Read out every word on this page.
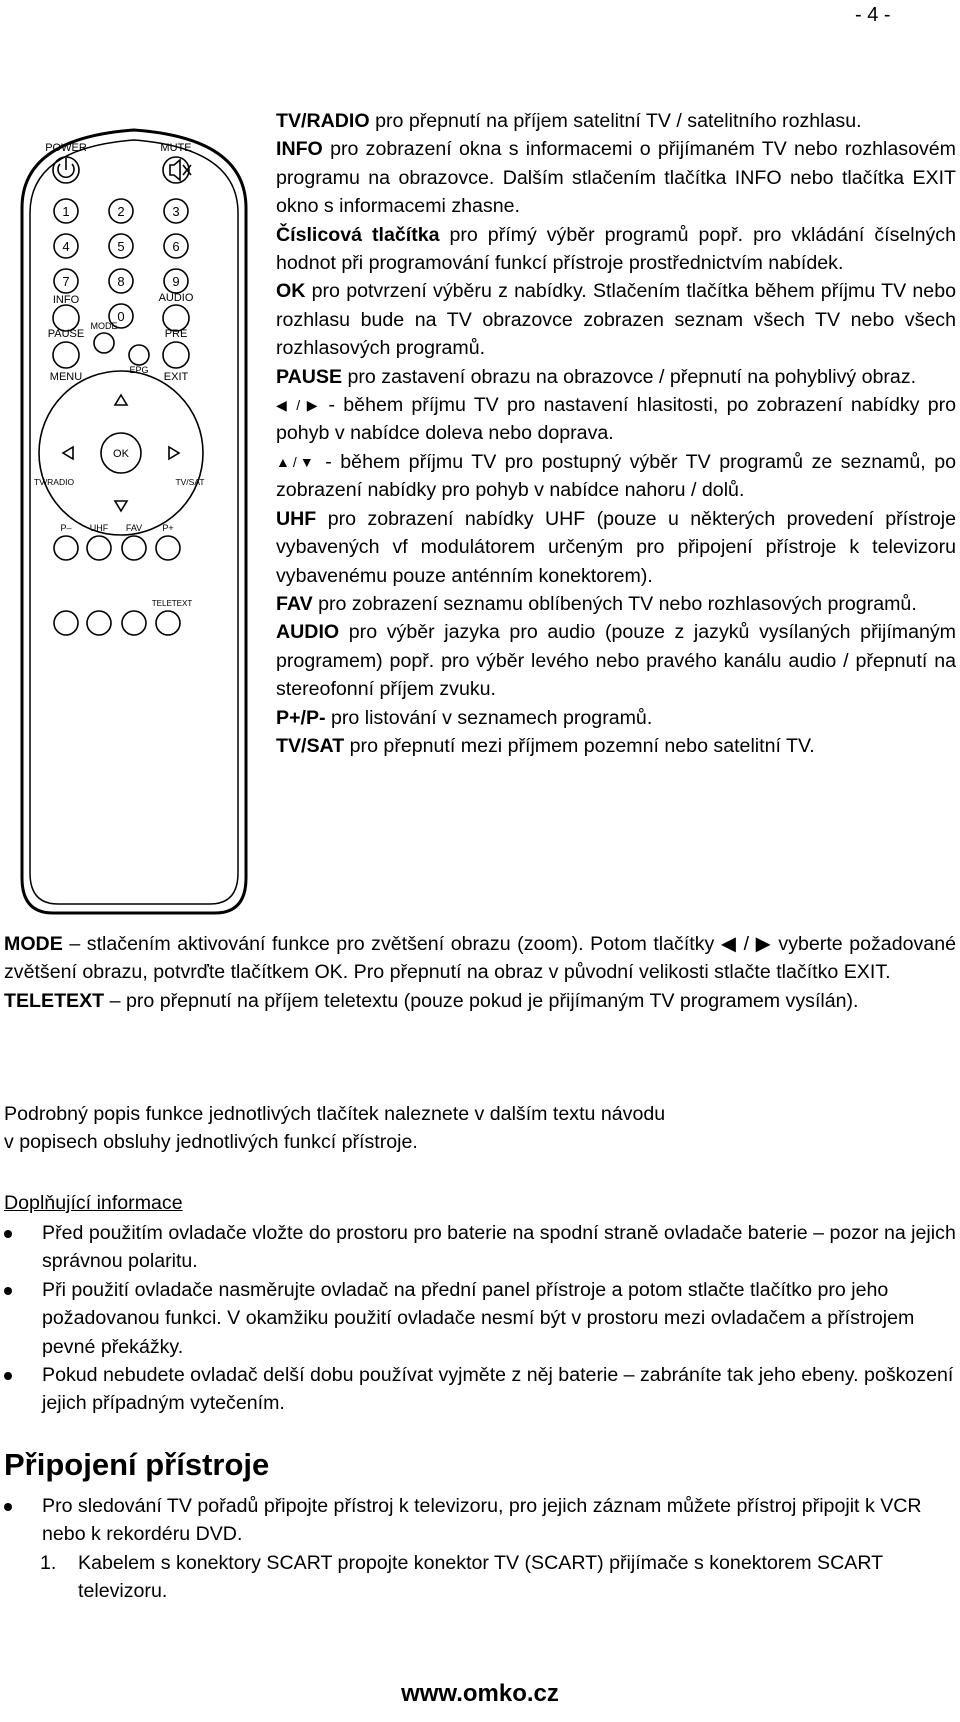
- 4 -
POWER	MUTE
1	2	3
4	5	6
7	8	9
0
INFO	AUDIO
PAUSE	PRE
MODE
MENU
EPG
EXIT
OK
TV/RADIO	TV/SAT
P– UHF FAV P+
TELETEXT

TV/RADIO pro přepnutí na příjem satelitní TV / satelitního rozhlasu.

INFO pro zobrazení okna s informacemi o přijímaném TV nebo rozhlasovém programu na obrazovce. Dalším stlačením tlačítka INFO nebo tlačítka EXIT okno s informacemi zhasne.

Číslicová tlačítka pro přímý výběr programů popř. pro vkládání číselných hodnot při programování funkcí přístroje prostřednictvím nabídek.

OK pro potvrzení výběru z nabídky. Stlačením tlačítka během příjmu TV nebo rozhlasu bude na TV obrazovce zobrazen seznam všech TV nebo všech rozhlasových programů.

PAUSE pro zastavení obrazu na obrazovce / přepnutí na pohyblivý obraz.

◀ / ▶ - během příjmu TV pro nastavení hlasitosti, po zobrazení nabídky pro pohyb v nabídce doleva nebo doprava.

▲/▼ - během příjmu TV pro postupný výběr TV programů ze seznamů, po zobrazení nabídky pro pohyb v nabídce nahoru / dolů.

UHF pro zobrazení nabídky UHF (pouze u některých provedení přístroje vybavených vf modulátorem určeným pro připojení přístroje k televizoru vybavenému pouze anténním konektorem).

FAV pro zobrazení seznamu oblíbených TV nebo rozhlasových programů.

AUDIO pro výběr jazyka pro audio (pouze z jazyků vysílaných přijímaným programem) popř. pro výběr levého nebo pravého kanálu audio / přepnutí na stereofonní příjem zvuku.

P+/P- pro listování v seznamech programů.

TV/SAT pro přepnutí mezi příjmem pozemní nebo satelitní TV.

MODE – stlačením aktivování funkce pro zvětšení obrazu (zoom). Potom tlačítky ◀ / ▶ vyberte požadované zvětšení obrazu, potvrďte tlačítkem OK. Pro přepnutí na obraz v původní velikosti stlačte tlačítko EXIT.

TELETEXT – pro přepnutí na příjem teletextu (pouze pokud je přijímaným TV programem vysílán).

Podrobný popis funkce jednotlivých tlačítek naleznete v dalším textu návodu

v popisech obsluhy jednotlivých funkcí přístroje.

Doplňující informace
Před použitím ovladače vložte do prostoru pro baterie na spodní straně ovladače baterie – pozor na jejich správnou polaritu.
Při použití ovladače nasměrujte ovladač na přední panel přístroje a potom stlačte tlačítko pro jeho požadovanou funkci. V okamžiku použití ovladače nesmí být v prostoru mezi ovladačem a přístrojem pevné překážky.
Pokud nebudete ovladač delší dobu používat vyjměte z něj baterie – zabráníte tak jeho ebeny. poškození jejich případným vytečením.
Připojení přístroje
Pro sledování TV pořadů připojte přístroj k televizoru, pro jejich záznam můžete přístroj připojit k VCR nebo k rekordéru DVD.
1. Kabelem s konektory SCART propojte konektor TV (SCART) přijímače s konektorem SCART televizoru.
www.omko.cz
